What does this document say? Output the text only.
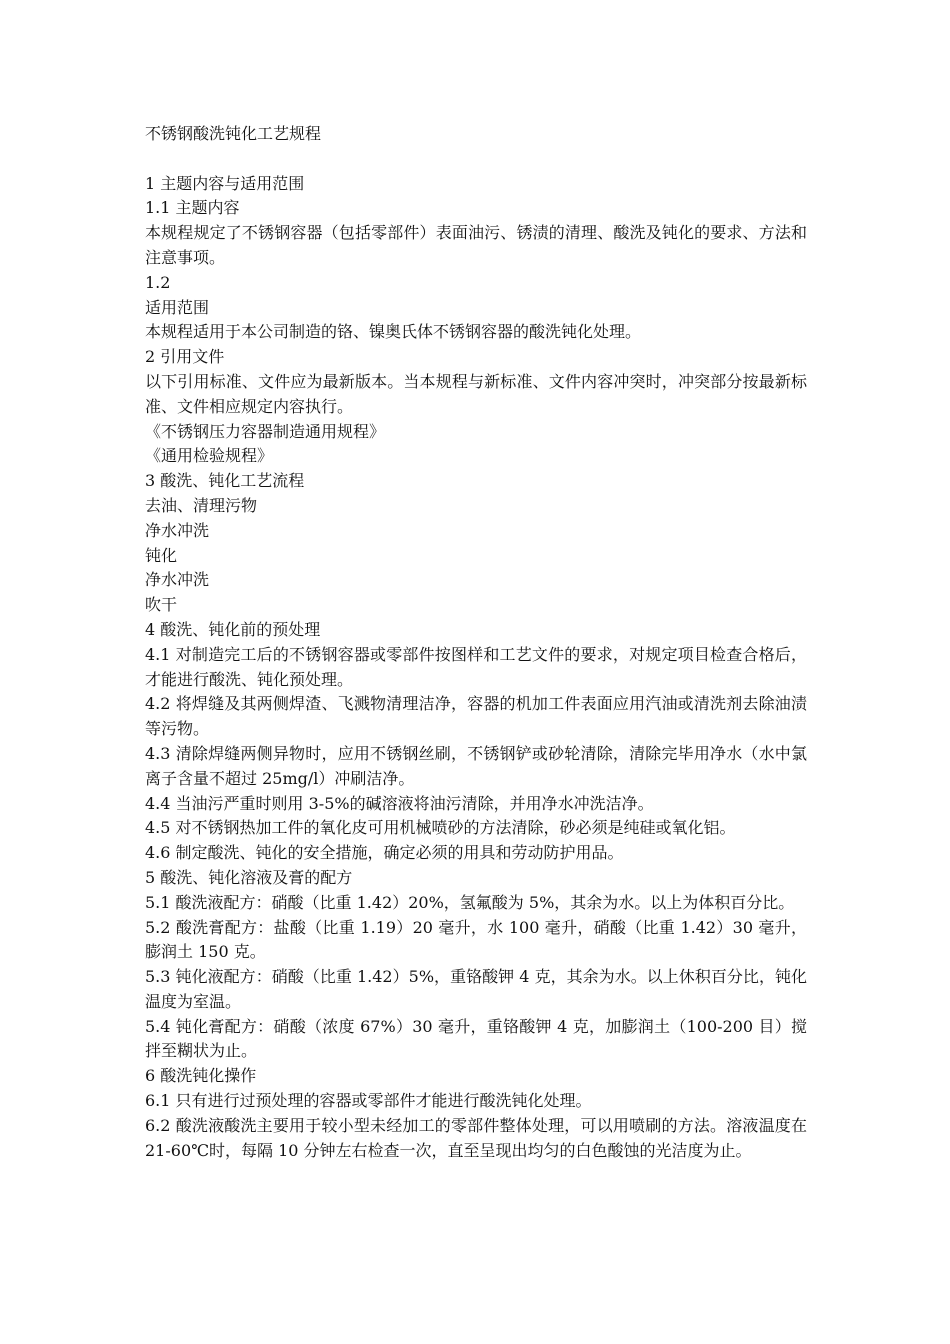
不锈钢酸洗钝化工艺规程
1 主题内容与适用范围
1.1 主题内容
本规程规定了不锈钢容器（包括零部件）表面油污、锈渍的清理、酸洗及钝化的要求、方法和注意事项。
1.2
适用范围
本规程适用于本公司制造的铬、镍奥氏体不锈钢容器的酸洗钝化处理。
2 引用文件
以下引用标准、文件应为最新版本。当本规程与新标准、文件内容冲突时，冲突部分按最新标准、文件相应规定内容执行。
《不锈钢压力容器制造通用规程》
《通用检验规程》
3 酸洗、钝化工艺流程
去油、清理污物
净水冲洗
钝化
净水冲洗
吹干
4 酸洗、钝化前的预处理
4.1 对制造完工后的不锈钢容器或零部件按图样和工艺文件的要求，对规定项目检查合格后，才能进行酸洗、钝化预处理。
4.2 将焊缝及其两侧焊渣、飞溅物清理洁净，容器的机加工件表面应用汽油或清洗剂去除油渍等污物。
4.3 清除焊缝两侧异物时，应用不锈钢丝刷，不锈钢铲或砂轮清除，清除完毕用净水（水中氯离子含量不超过 25mg/l）冲刷洁净。
4.4 当油污严重时则用 3-5%的碱溶液将油污清除，并用净水冲洗洁净。
4.5 对不锈钢热加工件的氧化皮可用机械喷砂的方法清除，砂必须是纯硅或氧化铝。
4.6 制定酸洗、钝化的安全措施，确定必须的用具和劳动防护用品。
5 酸洗、钝化溶液及膏的配方
5.1 酸洗液配方：硝酸（比重 1.42）20%，氢氟酸为 5%，其余为水。以上为体积百分比。
5.2 酸洗膏配方：盐酸（比重 1.19）20 毫升，水 100 毫升，硝酸（比重 1.42）30 毫升，膨润土 150 克。
5.3 钝化液配方：硝酸（比重 1.42）5%，重铬酸钾 4 克，其余为水。以上休积百分比，钝化温度为室温。
5.4 钝化膏配方：硝酸（浓度 67%）30 毫升，重铬酸钾 4 克，加膨润土（100-200 目）搅拌至糊状为止。
6 酸洗钝化操作
6.1 只有进行过预处理的容器或零部件才能进行酸洗钝化处理。
6.2 酸洗液酸洗主要用于较小型未经加工的零部件整体处理，可以用喷刷的方法。溶液温度在 21-60℃时，每隔 10 分钟左右检查一次，直至呈现出均匀的白色酸蚀的光洁度为止。
